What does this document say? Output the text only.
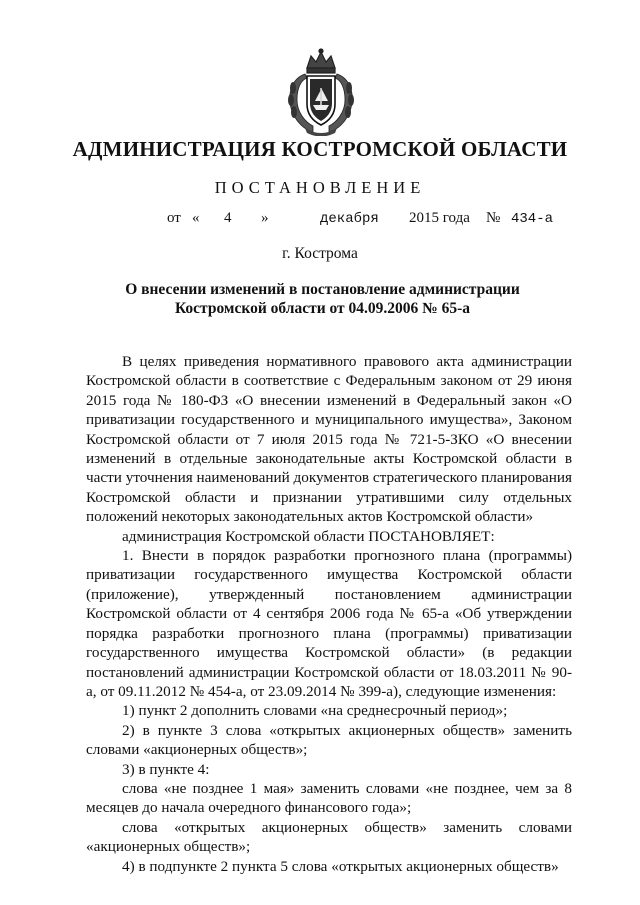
АДМИНИСТРАЦИЯ КОСТРОМСКОЙ ОБЛАСТИ
ПОСТАНОВЛЕНИЕ
от « 4 »	декабря 2015 года № 434-а
г. Кострома
О внесении изменений в постановление администрации
Костромской области от 04.09.2006 № 65-а

В целях приведения нормативного правового акта администрации Костромской области в соответствие с Федеральным законом от 29 июня 2015 года № 180-ФЗ «О внесении изменений в Федеральный закон «О приватизации государственного и муниципального имущества», Законом Костромской области от 7 июля 2015 года № 721-5-ЗКО «О внесении изменений в отдельные законодательные акты Костромской области в части уточнения наименований документов стратегического планирования Костромской области и признании утратившими силу отдельных положений некоторых законодательных актов Костромской области»

администрация Костромской области ПОСТАНОВЛЯЕТ:

1. Внести в порядок разработки прогнозного плана (программы) приватизации государственного имущества Костромской области (приложение), утвержденный постановлением администрации Костромской области от 4 сентября 2006 года № 65-а «Об утверждении порядка разработки прогнозного плана (программы) приватизации государственного имущества Костромской области» (в редакции постановлений администрации Костромской области от 18.03.2011 № 90-а, от 09.11.2012 № 454-а, от 23.09.2014 № 399-а), следующие изменения:

1) пункт 2 дополнить словами «на среднесрочный период»;

2) в пункте 3 слова «открытых акционерных обществ» заменить словами «акционерных обществ»;

3) в пункте 4:

слова «не позднее 1 мая» заменить словами «не позднее, чем за 8 месяцев до начала очередного финансового года»;

слова «открытых акционерных обществ» заменить словами «акционерных обществ»;

4) в подпункте 2 пункта 5 слова «открытых акционерных обществ»
